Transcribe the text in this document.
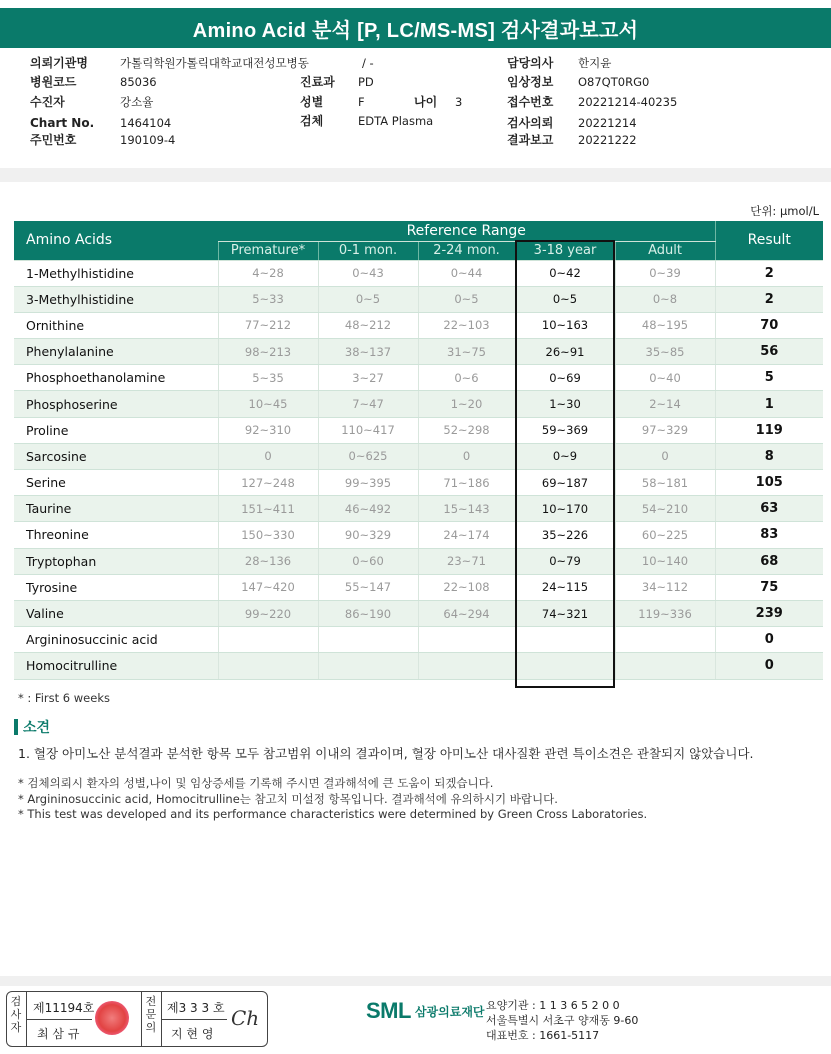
Amino Acid 분석 [P, LC/MS-MS] 검사결과보고서
의뢰기관명	가톨릭학원가톨릭대학교대전성모병동	/ -
병원코드	85036
수진자	강소율
Chart No. 1464104
주민번호	190109-4
진료과 PD
성별	F	나이 3
검체	EDTA Plasma
담당의사 한지윤
임상정보 O87QT0RG0
접수번호 20221214-40235
검사의뢰 20221214
결과보고 20221222
단위: μmol/L
Amino Acids	Reference Range					Result
	Premature*	0-1 mon.	2-24 mon.	3-18 year	Adult	
1-Methylhistidine	4~28	0~43	0~44	0~42	0~39	2
3-Methylhistidine	5~33	0~5	0~5	0~5	0~8	2
Ornithine	77~212	48~212	22~103	10~163	48~195	70
Phenylalanine	98~213	38~137	31~75	26~91	35~85	56
Phosphoethanolamine	5~35	3~27	0~6	0~69	0~40	5
Phosphoserine	10~45	7~47	1~20	1~30	2~14	1
Proline	92~310	110~417	52~298	59~369	97~329	119
Sarcosine	0	0~625	0	0~9	0	8
Serine	127~248	99~395	71~186	69~187	58~181	105
Taurine	151~411	46~492	15~143	10~170	54~210	63
Threonine	150~330	90~329	24~174	35~226	60~225	83
Tryptophan	28~136	0~60	23~71	0~79	10~140	68
Tyrosine	147~420	55~147	22~108	24~115	34~112	75
Valine	99~220	86~190	64~294	74~321	119~336	239
Argininosuccinic acid						0
Homocitrulline						0
* : First 6 weeks
소견
1. 혈장 아미노산 분석결과 분석한 항목 모두 참고범위 이내의 결과이며, 혈장 아미노산 대사질환 관련 특이소견은 관찰되지 않았습니다.
* 검체의뢰시 환자의 성별,나이 및 임상증세를 기록해 주시면 결과해석에 큰 도움이 되겠습니다.
* Argininosuccinic acid, Homocitrulline는 참고치 미설정 항목입니다. 결과해석에 유의하시기 바랍니다.
* This test was developed and its performance characteristics were determined by Green Cross Laboratories.
검
사
자
제11194호
최 삼 규
전
문
의
제3 3 3 호
지 현 영
Ch	SML 삼광의료재단 요양기관 : 1 1 3 6 5 2 0 0
서울특별시 서초구 양재동 9-60
대표번호 : 1661-5117
